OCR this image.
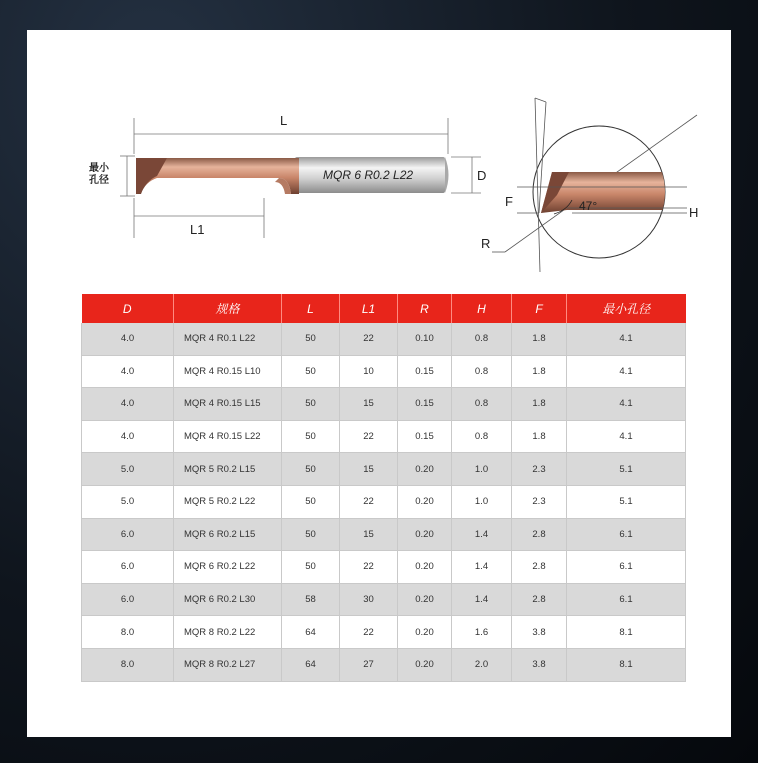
L
MQR 6 R0.2 L22	D
最小
孔径
L1
F
H
47°
R
D	规格	L	L1	R	H	F	最小孔径
4.0	MQR 4 R0.1 L22	50	22	0.10	0.8	1.8	4.1
4.0	MQR 4 R0.15 L10	50	10	0.15	0.8	1.8	4.1
4.0	MQR 4 R0.15 L15	50	15	0.15	0.8	1.8	4.1
4.0	MQR 4 R0.15 L22	50	22	0.15	0.8	1.8	4.1
5.0	MQR 5 R0.2 L15	50	15	0.20	1.0	2.3	5.1
5.0	MQR 5 R0.2 L22	50	22	0.20	1.0	2.3	5.1
6.0	MQR 6 R0.2 L15	50	15	0.20	1.4	2.8	6.1
6.0	MQR 6 R0.2 L22	50	22	0.20	1.4	2.8	6.1
6.0	MQR 6 R0.2 L30	58	30	0.20	1.4	2.8	6.1
8.0	MQR 8 R0.2 L22	64	22	0.20	1.6	3.8	8.1
8.0	MQR 8 R0.2 L27	64	27	0.20	2.0	3.8	8.1
